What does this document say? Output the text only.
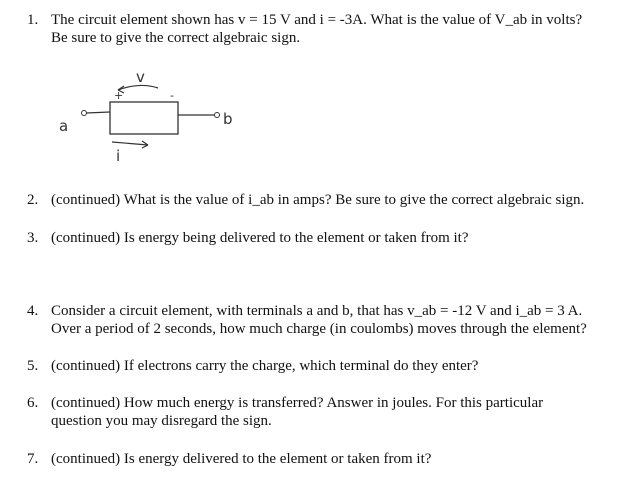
1. The circuit element shown has v = 15 V and i = -3A. What is the value of V_ab in volts?
Be sure to give the correct algebraic sign.
v
+	-
a	b
i
2. (continued) What is the value of i_ab in amps? Be sure to give the correct algebraic sign.
3. (continued) Is energy being delivered to the element or taken from it?
4. Consider a circuit element, with terminals a and b, that has v_ab = -12 V and i_ab = 3 A.
Over a period of 2 seconds, how much charge (in coulombs) moves through the element?
5. (continued) If electrons carry the charge, which terminal do they enter?
6. (continued) How much energy is transferred? Answer in joules. For this particular
question you may disregard the sign.
7. (continued) Is energy delivered to the element or taken from it?
